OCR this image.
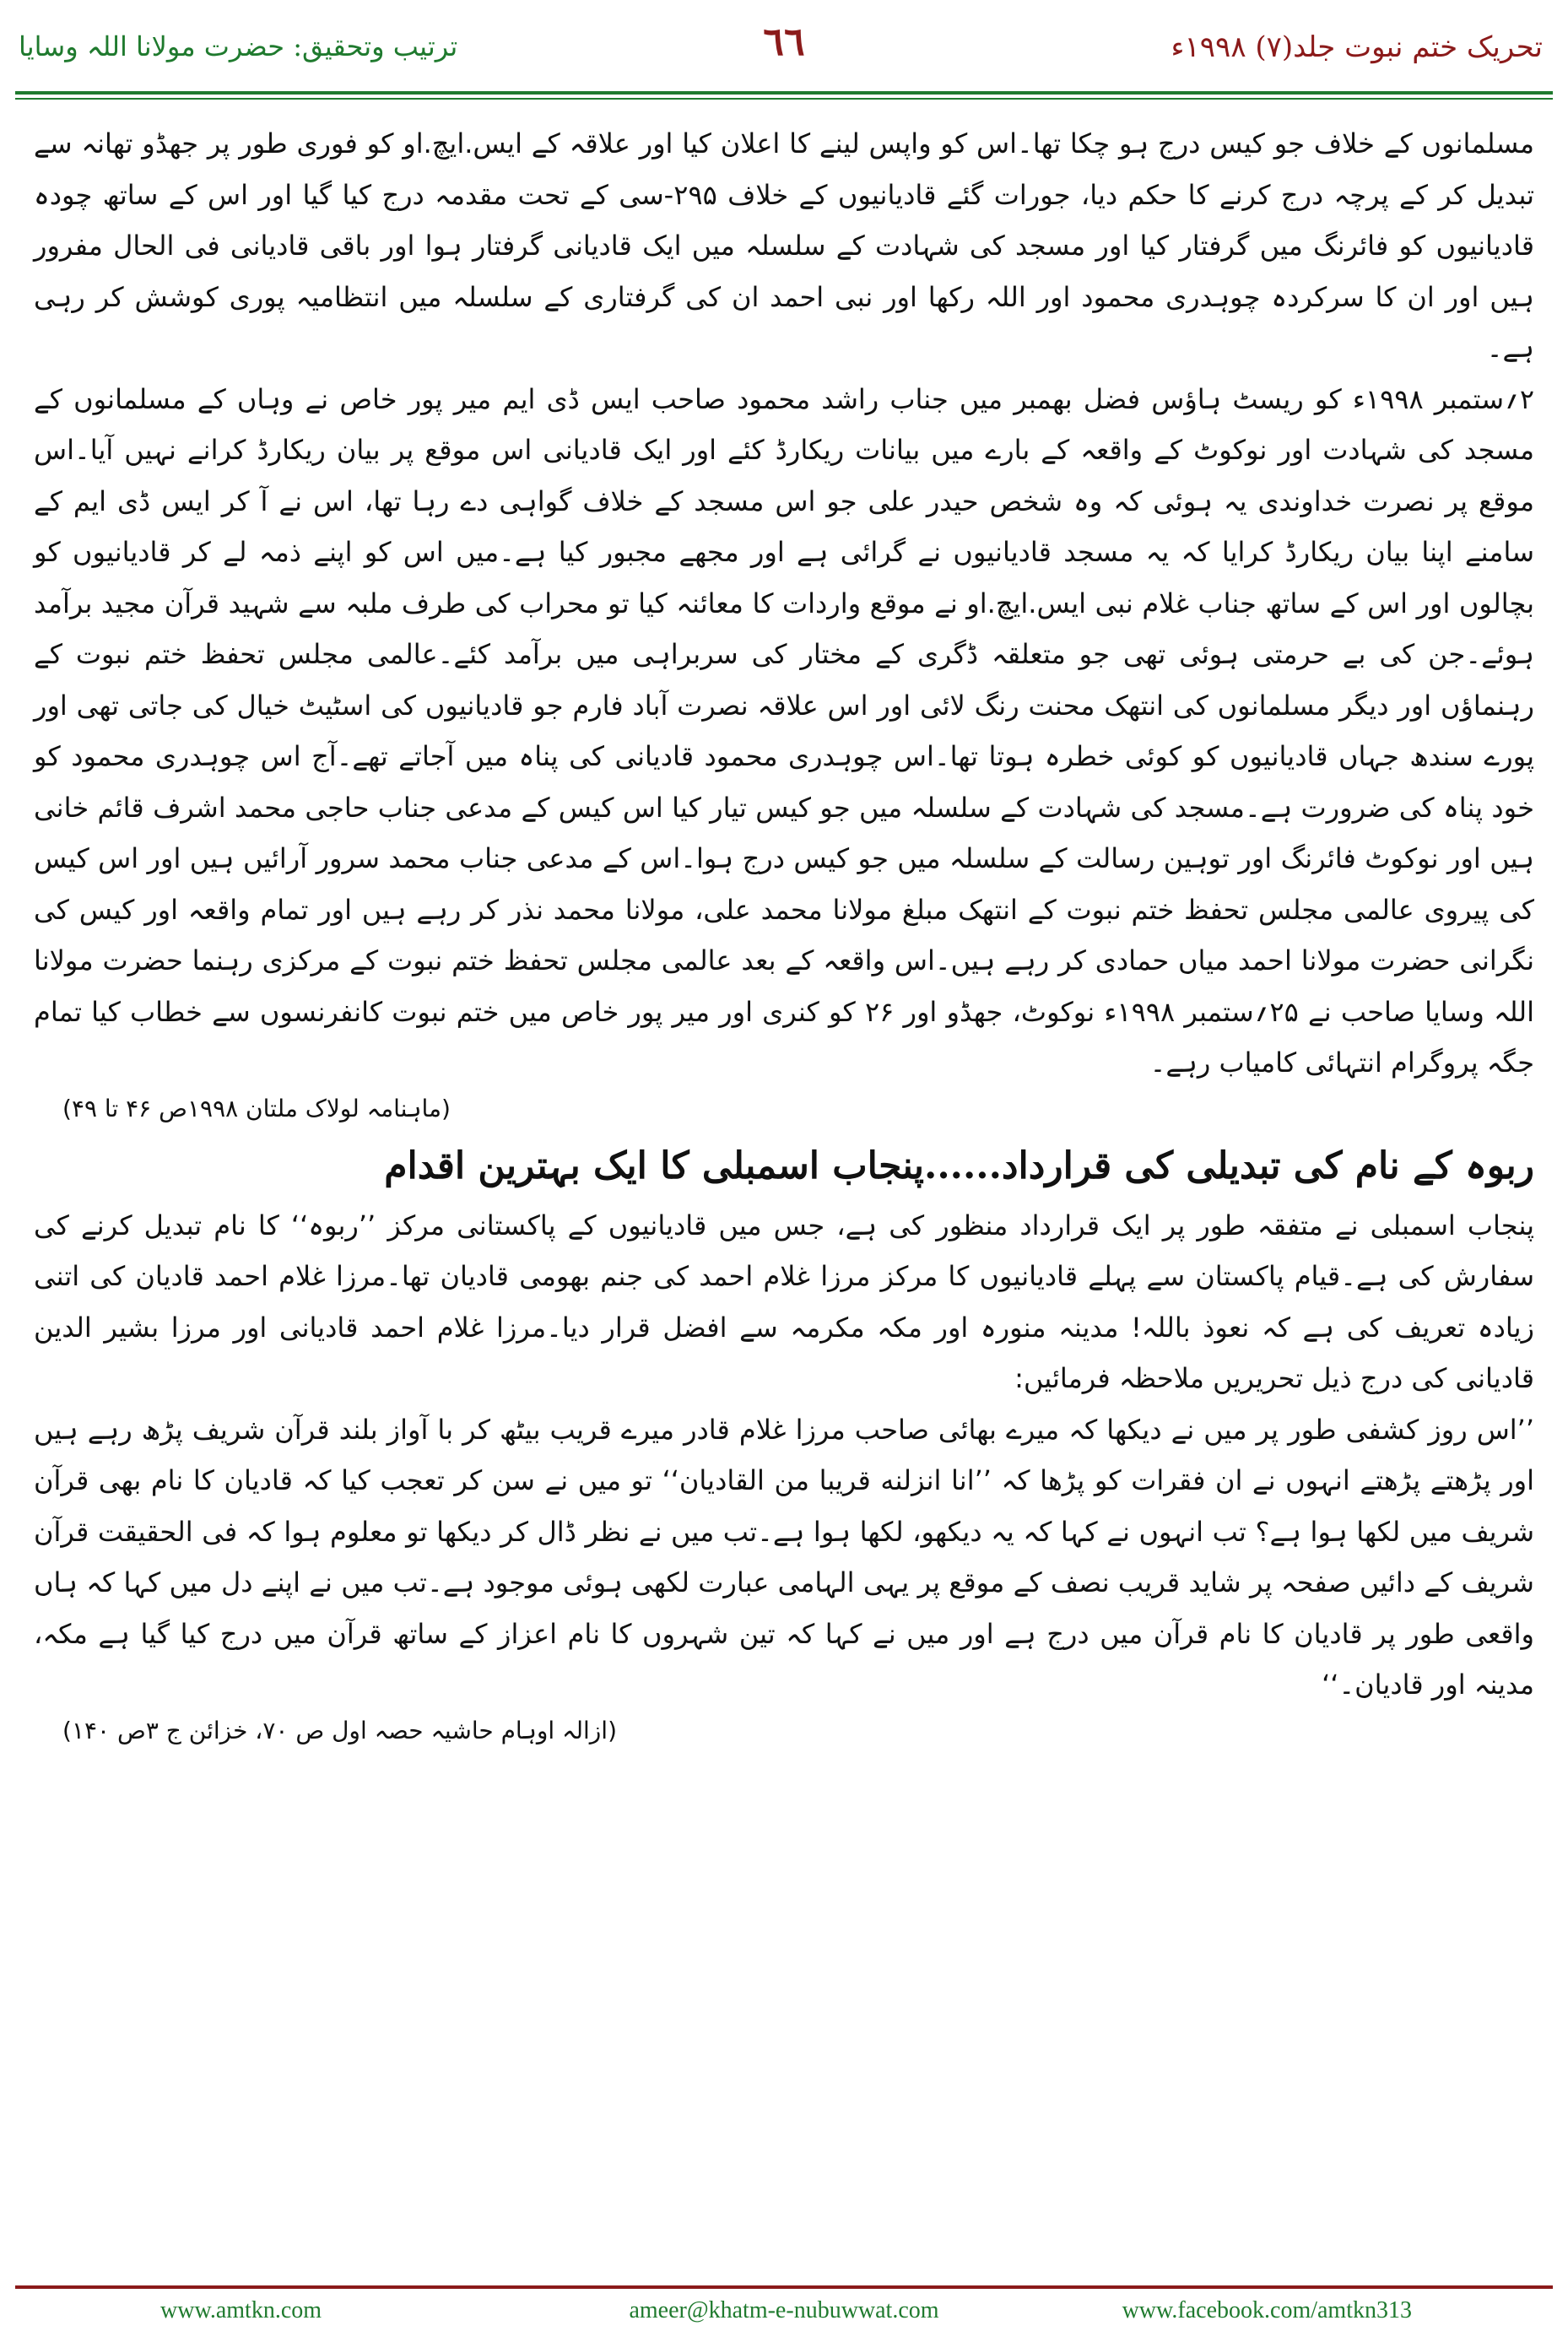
تحریک ختم نبوت جلد(۷) ۱۹۹۸ء
٦٦
ترتیب وتحقیق: حضرت مولانا اللہ وسایا

مسلمانوں کے خلاف جو کیس درج ہو چکا تھا۔اس کو واپس لینے کا اعلان کیا اور علاقہ کے ایس.ایچ.او کو فوری طور پر جھڈو تھانہ سے تبدیل کر کے پرچہ درج کرنے کا حکم دیا، جورات گئے قادیانیوں کے خلاف ۲۹۵-سی کے تحت مقدمہ درج کیا گیا اور اس کے ساتھ چودہ قادیانیوں کو فائرنگ میں گرفتار کیا اور مسجد کی شہادت کے سلسلہ میں ایک قادیانی گرفتار ہوا اور باقی قادیانی فی الحال مفرور ہیں اور ان کا سرکردہ چوہدری محمود اور اللہ رکھا اور نبی احمد ان کی گرفتاری کے سلسلہ میں انتظامیہ پوری کوشش کر رہی ہے۔

۲؍ستمبر ۱۹۹۸ء کو ریسٹ ہاؤس فضل بھمبر میں جناب راشد محمود صاحب ایس ڈی ایم میر پور خاص نے وہاں کے مسلمانوں کے مسجد کی شہادت اور نوکوٹ کے واقعہ کے بارے میں بیانات ریکارڈ کئے اور ایک قادیانی اس موقع پر بیان ریکارڈ کرانے نہیں آیا۔اس موقع پر نصرت خداوندی یہ ہوئی کہ وہ شخص حیدر علی جو اس مسجد کے خلاف گواہی دے رہا تھا، اس نے آ کر ایس ڈی ایم کے سامنے اپنا بیان ریکارڈ کرایا کہ یہ مسجد قادیانیوں نے گرائی ہے اور مجھے مجبور کیا ہے۔میں اس کو اپنے ذمہ لے کر قادیانیوں کو بچالوں اور اس کے ساتھ جناب غلام نبی ایس.ایچ.او نے موقع واردات کا معائنہ کیا تو محراب کی طرف ملبہ سے شہید قرآن مجید برآمد ہوئے۔جن کی بے حرمتی ہوئی تھی جو متعلقہ ڈگری کے مختار کی سربراہی میں برآمد کئے۔عالمی مجلس تحفظ ختم نبوت کے رہنماؤں اور دیگر مسلمانوں کی انتھک محنت رنگ لائی اور اس علاقہ نصرت آباد فارم جو قادیانیوں کی اسٹیٹ خیال کی جاتی تھی اور پورے سندھ جہاں قادیانیوں کو کوئی خطرہ ہوتا تھا۔اس چوہدری محمود قادیانی کی پناہ میں آجاتے تھے۔آج اس چوہدری محمود کو خود پناہ کی ضرورت ہے۔مسجد کی شہادت کے سلسلہ میں جو کیس تیار کیا اس کیس کے مدعی جناب حاجی محمد اشرف قائم خانی ہیں اور نوکوٹ فائرنگ اور توہین رسالت کے سلسلہ میں جو کیس درج ہوا۔اس کے مدعی جناب محمد سرور آرائیں ہیں اور اس کیس کی پیروی عالمی مجلس تحفظ ختم نبوت کے انتھک مبلغ مولانا محمد علی، مولانا محمد نذر کر رہے ہیں اور تمام واقعہ اور کیس کی نگرانی حضرت مولانا احمد میاں حمادی کر رہے ہیں۔اس واقعہ کے بعد عالمی مجلس تحفظ ختم نبوت کے مرکزی رہنما حضرت مولانا اللہ وسایا صاحب نے ۲۵؍ستمبر ۱۹۹۸ء نوکوٹ، جھڈو اور ۲۶ کو کنری اور میر پور خاص میں ختم نبوت کانفرنسوں سے خطاب کیا تمام جگہ پروگرام انتہائی کامیاب رہے۔

(ماہنامہ لولاک ملتان ۱۹۹۸ص ۴۶ تا ۴۹)

ربوہ کے نام کی تبدیلی کی قرارداد......پنجاب اسمبلی کا ایک بہترین اقدام

پنجاب اسمبلی نے متفقہ طور پر ایک قرارداد منظور کی ہے، جس میں قادیانیوں کے پاکستانی مرکز ’’ربوہ‘‘ کا نام تبدیل کرنے کی سفارش کی ہے۔قیام پاکستان سے پہلے قادیانیوں کا مرکز مرزا غلام احمد کی جنم بھومی قادیان تھا۔مرزا غلام احمد قادیان کی اتنی زیادہ تعریف کی ہے کہ نعوذ باللہ! مدینہ منورہ اور مکہ مکرمہ سے افضل قرار دیا۔مرزا غلام احمد قادیانی اور مرزا بشیر الدین قادیانی کی درج ذیل تحریریں ملاحظہ فرمائیں:

’’اس روز کشفی طور پر میں نے دیکھا کہ میرے بھائی صاحب مرزا غلام قادر میرے قریب بیٹھ کر با آواز بلند قرآن شریف پڑھ رہے ہیں اور پڑھتے پڑھتے انہوں نے ان فقرات کو پڑھا کہ ’’انا انزلنه قریبا من القادیان‘‘ تو میں نے سن کر تعجب کیا کہ قادیان کا نام بھی قرآن شریف میں لکھا ہوا ہے؟ تب انہوں نے کہا کہ یہ دیکھو، لکھا ہوا ہے۔تب میں نے نظر ڈال کر دیکھا تو معلوم ہوا کہ فی الحقیقت قرآن شریف کے دائیں صفحہ پر شاید قریب نصف کے موقع پر یہی الہامی عبارت لکھی ہوئی موجود ہے۔تب میں نے اپنے دل میں کہا کہ ہاں واقعی طور پر قادیان کا نام قرآن میں درج ہے اور میں نے کہا کہ تین شہروں کا نام اعزاز کے ساتھ قرآن میں درج کیا گیا ہے مکہ، مدینہ اور قادیان۔‘‘

(ازالہ اوہام حاشیہ حصہ اول ص ۷۰، خزائن ج ۳ص ۱۴۰)

www.amtkn.com	ameer@khatm-e-nubuwwat.com	www.facebook.com/amtkn313
